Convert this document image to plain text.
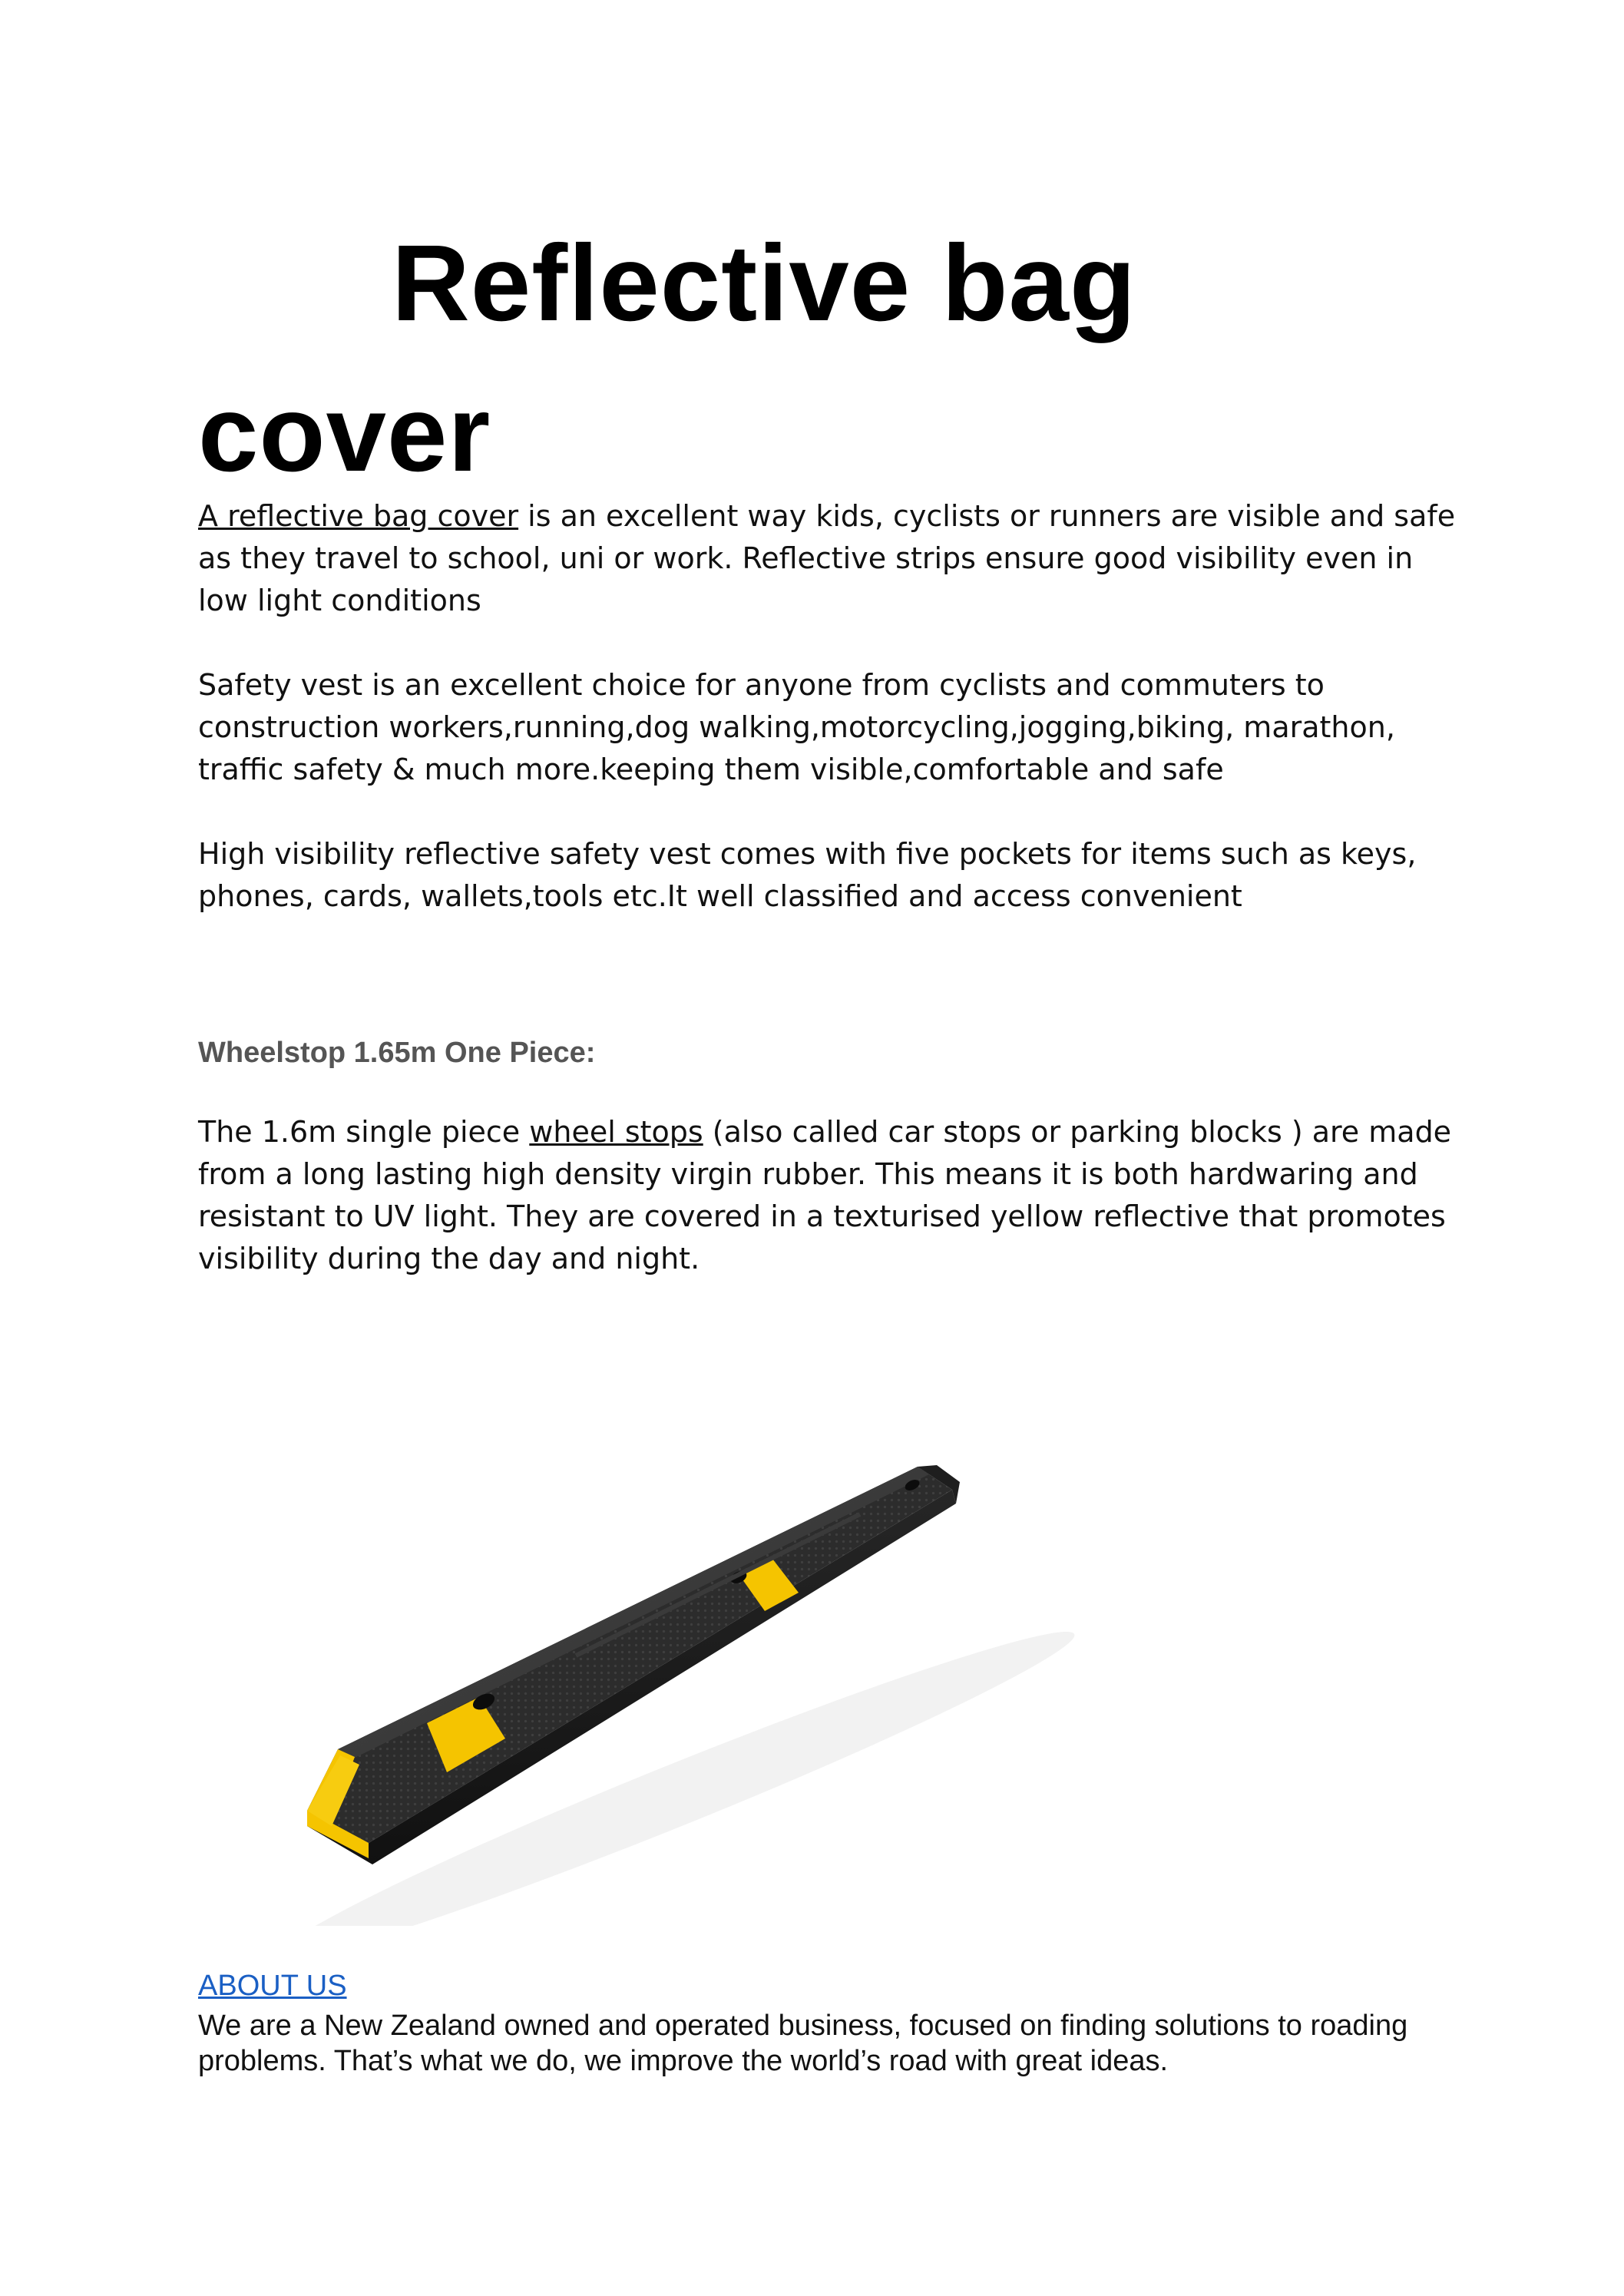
Reflective bag cover

A reflective bag cover is an excellent way kids, cyclists or runners are visible and safe as they travel to school, uni or work. Reflective strips ensure good visibility even in low light conditions

Safety vest is an excellent choice for anyone from cyclists and commuters to construction workers,running,dog walking,motorcycling,jogging,biking, marathon, traffic safety & much more.keeping them visible,comfortable and safe

High visibility reflective safety vest comes with five pockets for items such as keys, phones, cards, wallets,tools etc.It well classified and access convenient

Wheelstop 1.65m One Piece:

The 1.6m single piece wheel stops (also called car stops or parking blocks ) are made from a long lasting high density virgin rubber. This means it is both hardwaring and resistant to UV light. They are covered in a texturised yellow reflective that promotes visibility during the day and night.

ABOUT US

We are a New Zealand owned and operated business, focused on finding solutions to roading problems. That’s what we do, we improve the world’s road with great ideas.
